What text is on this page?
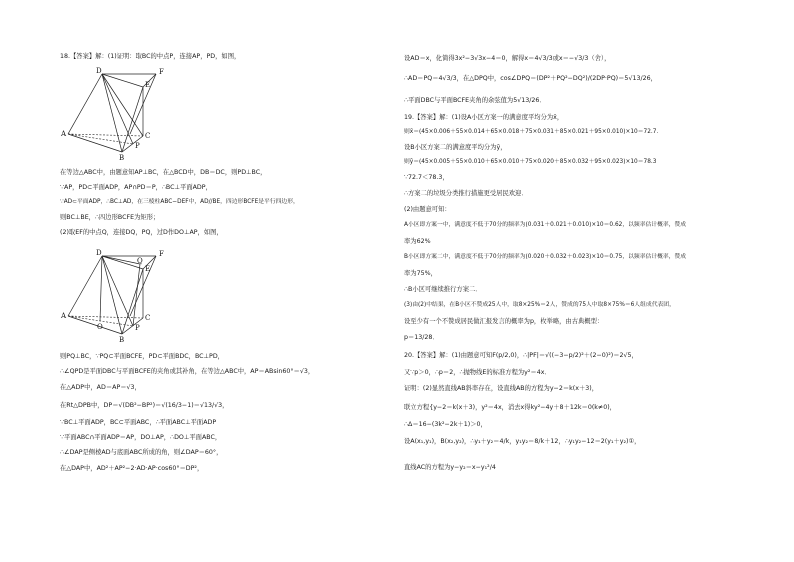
18.【答案】解：(1)证明：取BC的中点P，连接AP，PD，如图，
D	F
E
A	C
P
B
在等边△ABC中，由题意知AP⊥BC，在△BCD中，DB＝DC，则PD⊥BC，
∵AP，PD⊂平面ADP，AP∩PD＝P，∴BC⊥平面ADP，
∵AD⊂平面ADP，∴BC⊥AD，在三棱柱ABC−DEF中，AD//BE，四边形BCFE是平行四边形，
则BC⊥BE，∴四边形BCFE为矩形；
(2)取EF的中点Q，连接DQ，PQ，过D作DO⊥AP，如图，
D	F
Q
E
A
O
C
P
B
则PQ⊥BC，∵PQ⊂平面BCFE，PD⊂平面BDC，BC⊥PD，
∴∠QPD是平面DBC与平面BCFE的夹角或其补角，在等边△ABC中，AP＝ABsin60°＝√3，
在△ADP中，AD＝AP＝√3，
在Rt△DPB中，DP＝√(DB²−BP²)＝√(16/3−1)＝√13/√3，
∵BC⊥平面ADP，BC⊂平面ABC，∴平面ABC⊥平面ADP
∵平面ABC∩平面ADP＝AP，DO⊥AP，∴DO⊥平面ABC，
∴∠DAP是侧棱AD与底面ABC所成的角，则∠DAP＝60°，
在△DAP中，AD²＋AP²−2·AD·AP·cos60°＝DP²，
设AD＝x，化简得3x²−3√3x−4＝0，解得x＝4√3/3或x＝−√3/3（舍），
∴AD＝PQ＝4√3/3，在△DPQ中，cos∠DPQ＝(DP²＋PQ²−DQ²)/(2DP·PQ)＝5√13/26，
∴平面DBC与平面BCFE夹角的余弦值为5√13/26．
19.【答案】解：(1)设A小区方案一的满意度平均分为x̄，
则x̄＝(45×0.006＋55×0.014＋65×0.018＋75×0.031＋85×0.021＋95×0.010)×10＝72.7．
设B小区方案二的满意度平均分为ȳ，
则ȳ＝(45×0.005＋55×0.010＋65×0.010＋75×0.020＋85×0.032＋95×0.023)×10＝78.3
∵72.7＜78.3，
∴方案二的垃圾分类推行措施更受居民欢迎．
(2)由题意可知：
A小区即方案一中，满意度不低于70分的频率为(0.031＋0.021＋0.010)×10＝0.62，以频率估计概率，赞成
率为62%
B小区即方案二中，满意度不低于70分的频率为(0.020＋0.032＋0.023)×10＝0.75，以频率估计概率，赞成
率为75%，
∴B小区可继续推行方案二．
(3)由(2)中结果，在B小区不赞成25人中，取8×25%＝2人，赞成的75人中取8×75%＝6人组成代表团，
设至少有一个不赞成居民做汇报发言的概率为p，枚举略，由古典概型：
p＝13/28．
20.【答案】解：(1)由题意可知F(p/2,0)，∴|PF|＝√((−3−p/2)²＋(2−0)²)＝2√5，
又∵p＞0，∴p＝2，∴抛物线E的标准方程为y²＝4x．
证明：(2)显然直线AB斜率存在，设直线AB的方程为y−2＝k(x＋3)，
联立方程{y−2＝k(x＋3)，y²＝4x，消去x得ky²−4y＋8＋12k＝0(k≠0)，
∴Δ＝16−(3k²−2k＋1)＞0，
设A(x₁,y₁)，B(x₂,y₂)，∴y₁＋y₂＝4/k，y₁y₂＝8/k＋12，∴y₁y₂−12＝2(y₁＋y₂)①，
直线AC的方程为y−y₂＝x−y₁²/4
